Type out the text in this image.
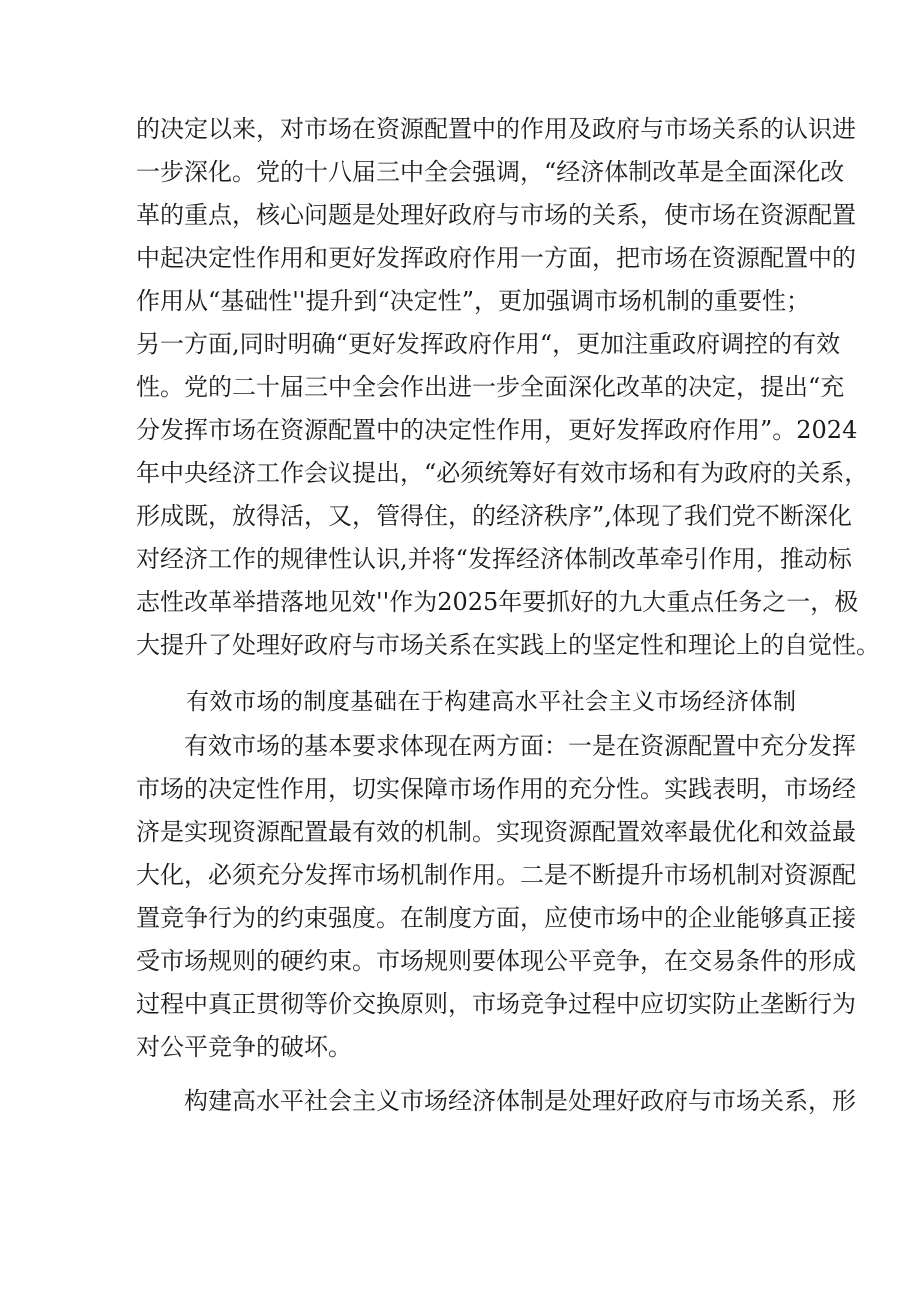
的决定以来，对市场在资源配置中的作用及政府与市场关系的认识进
一步深化。党的十八届三中全会强调，“经济体制改革是全面深化改
革的重点，核心问题是处理好政府与市场的关系，使市场在资源配置
中起决定性作用和更好发挥政府作用一方面，把市场在资源配置中的
作用从“基础性''提升到“决定性”，更加强调市场机制的重要性；
另一方面,同时明确“更好发挥政府作用“，更加注重政府调控的有效
性。党的二十届三中全会作出进一步全面深化改革的决定，提出“充
分发挥市场在资源配置中的决定性作用，更好发挥政府作用”。2024
年中央经济工作会议提出，“必须统筹好有效市场和有为政府的关系，
形成既，放得活，又，管得住，的经济秩序”,体现了我们党不断深化
对经济工作的规律性认识,并将“发挥经济体制改革牵引作用，推动标
志性改革举措落地见效''作为2025年要抓好的九大重点任务之一，极
大提升了处理好政府与市场关系在实践上的坚定性和理论上的自觉性。
有效市场的制度基础在于构建高水平社会主义市场经济体制
有效市场的基本要求体现在两方面：一是在资源配置中充分发挥
市场的决定性作用，切实保障市场作用的充分性。实践表明，市场经
济是实现资源配置最有效的机制。实现资源配置效率最优化和效益最
大化，必须充分发挥市场机制作用。二是不断提升市场机制对资源配
置竞争行为的约束强度。在制度方面，应使市场中的企业能够真正接
受市场规则的硬约束。市场规则要体现公平竞争，在交易条件的形成
过程中真正贯彻等价交换原则，市场竞争过程中应切实防止垄断行为
对公平竞争的破坏。
构建高水平社会主义市场经济体制是处理好政府与市场关系，形
